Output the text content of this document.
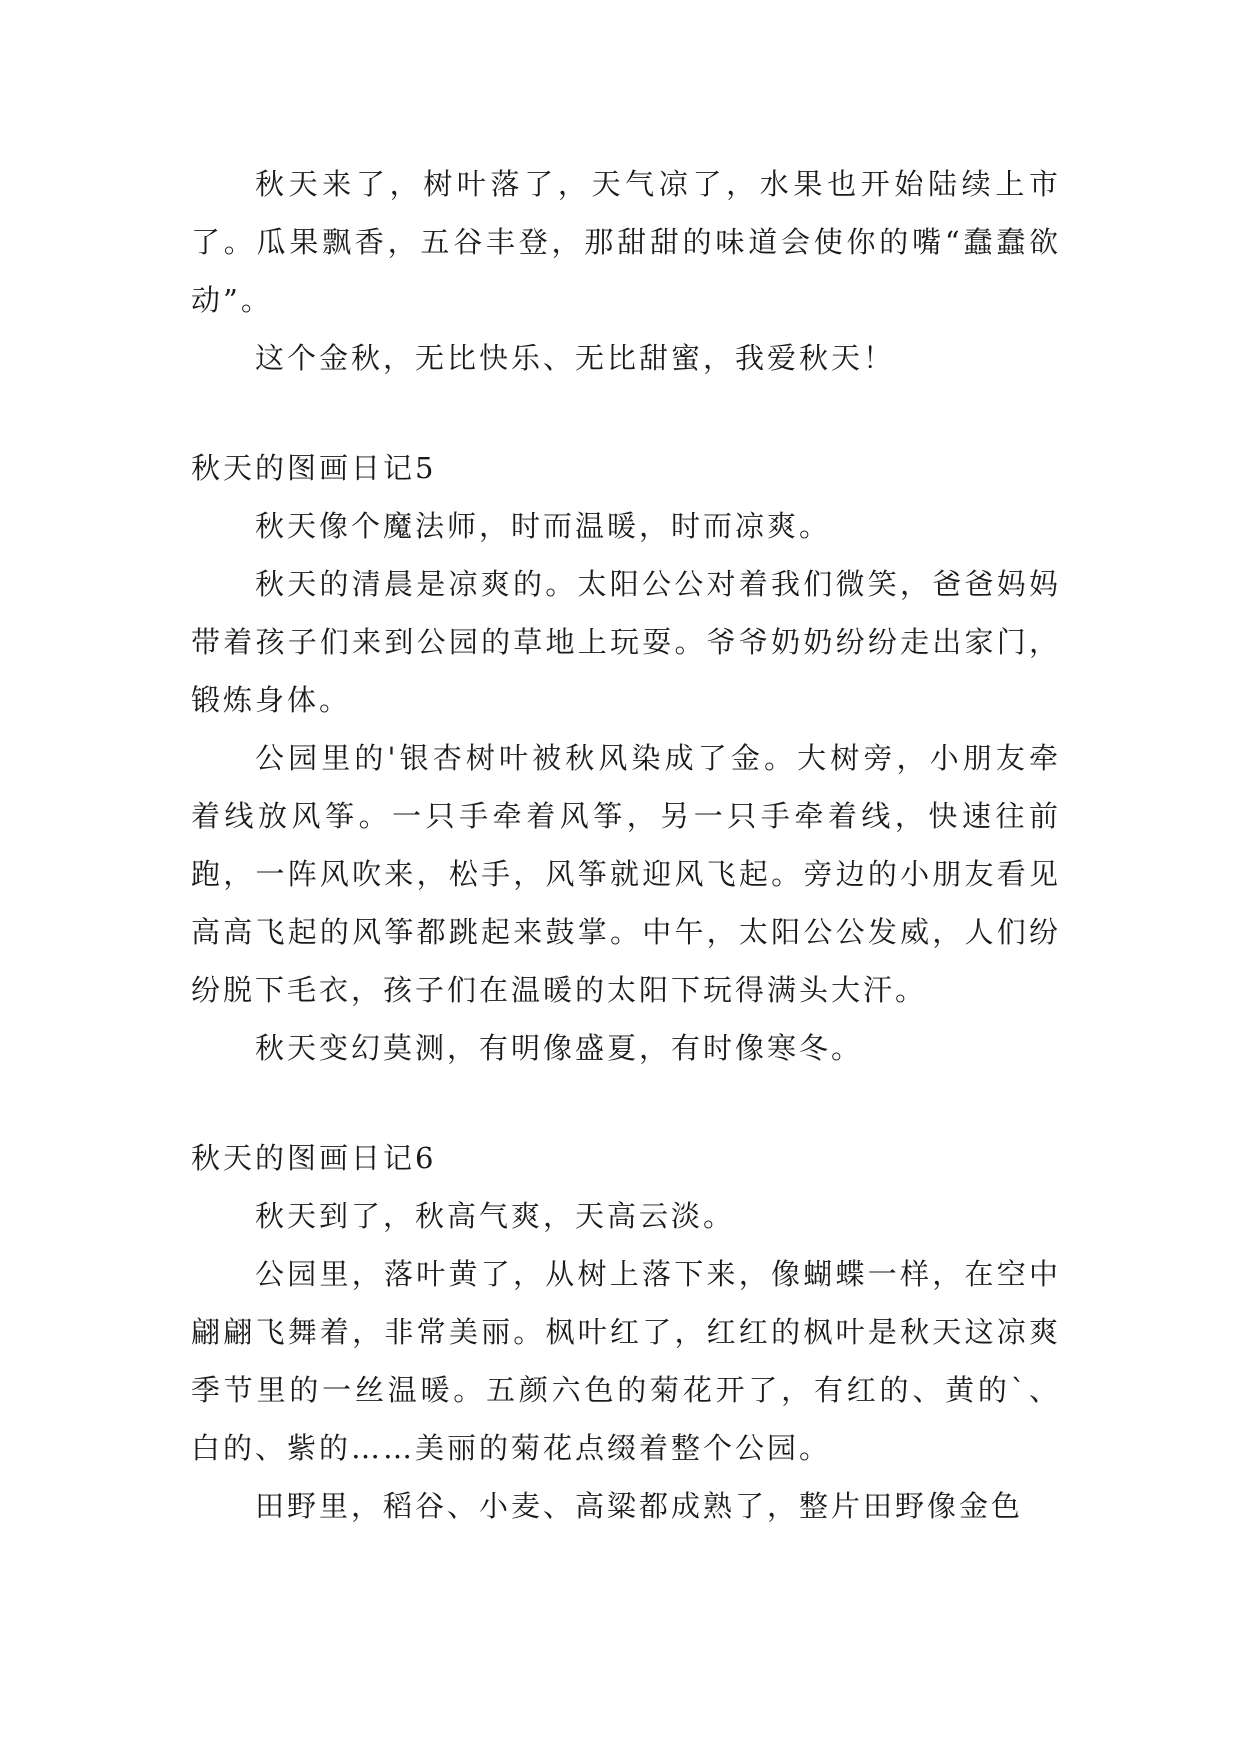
秋天来了，树叶落了，天气凉了，水果也开始陆续上市了。瓜果飘香，五谷丰登，那甜甜的味道会使你的嘴“蠢蠢欲动”。

这个金秋，无比快乐、无比甜蜜，我爱秋天！

秋天的图画日记5

秋天像个魔法师，时而温暖，时而凉爽。

秋天的清晨是凉爽的。太阳公公对着我们微笑，爸爸妈妈带着孩子们来到公园的草地上玩耍。爷爷奶奶纷纷走出家门，锻炼身体。

公园里的'银杏树叶被秋风染成了金。大树旁，小朋友牵着线放风筝。一只手牵着风筝，另一只手牵着线，快速往前跑，一阵风吹来，松手，风筝就迎风飞起。旁边的小朋友看见高高飞起的风筝都跳起来鼓掌。中午，太阳公公发威，人们纷纷脱下毛衣，孩子们在温暖的太阳下玩得满头大汗。

秋天变幻莫测，有明像盛夏，有时像寒冬。

秋天的图画日记6

秋天到了，秋高气爽，天高云淡。

公园里，落叶黄了，从树上落下来，像蝴蝶一样，在空中翩翩飞舞着，非常美丽。枫叶红了，红红的枫叶是秋天这凉爽季节里的一丝温暖。五颜六色的菊花开了，有红的、黄的`、白的、紫的……美丽的菊花点缀着整个公园。

田野里，稻谷、小麦、高粱都成熟了，整片田野像金色
